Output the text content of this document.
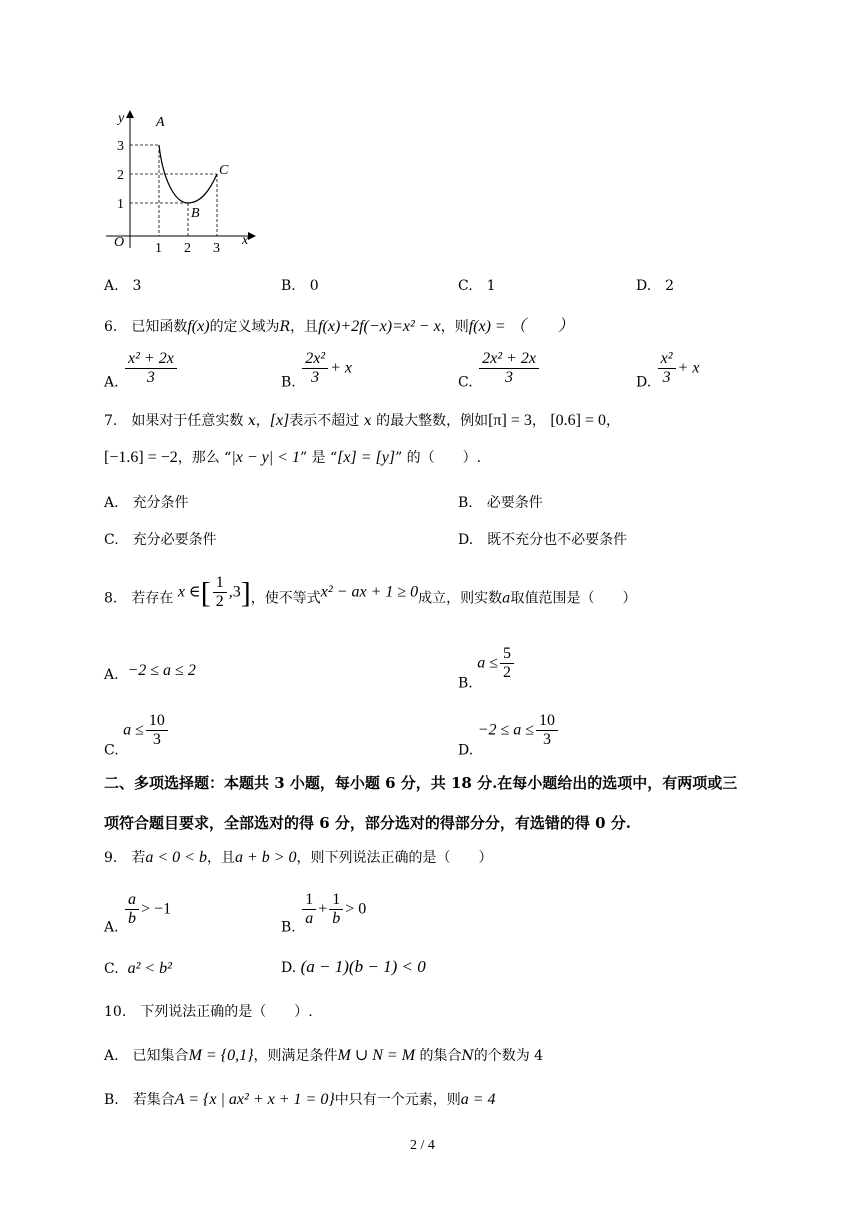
y
x
O
3
2
1
1 2 3
A
B
C
A.　3	B.　0	C.　1	D.　2
6.　已知函数f(x)的定义域为R，且f(x)+2f(−x)=x² − x，则f(x) = （　　）
A. $\frac{\text{x² + 2x}}{3}$	B. $\frac{\text{2x²}}{3} + x$
C. $\frac{\text{2x² + 2x}}{3}$	D. $\frac{\text{x²}}{3} + x$
7.　如果对于任意实数 x，[x]表示不超过 x 的最大整数，例如[π] = 3， [0.6] = 0，
[−1.6] = −2，那么 “|x − y| < 1” 是 “[x] = [y]” 的（　　）.
A.　充分条件	B.　必要条件
C.　充分必要条件	D.　既不充分也不必要条件
8.　若存在 x ∈[ $\frac{1}{2} ,3$]，使不等式x² − ax + 1 ≥ 0成立，则实数a取值范围是（　　）
A. −2 ≤ a ≤ 2
B. $a \le \frac{5}{2}$
C. $a \le \frac{10}{3}$
D. $-2 \le a \le \frac{10}{3}$
二、多项选择题：本题共 3 小题，每小题 6 分，共 18 分.在每小题给出的选项中，有两项或三
项符合题目要求，全部选对的得 6 分，部分选对的得部分分，有选错的得 0 分.
9.　若a < 0 < b，且a + b > 0，则下列说法正确的是（　　）
A. $\frac{a}{b} > -1$
B. $\frac{1}{a} + \frac{1}{b} > 0$
C. a² < b²	D. (a − 1)(b − 1) < 0
10.　下列说法正确的是（　　）.
A.　已知集合M = {0,1}，则满足条件M ∪ N = M 的集合N的个数为 4
B.　若集合A = {x | ax² + x + 1 = 0}中只有一个元素，则a = 4
2 / 4
